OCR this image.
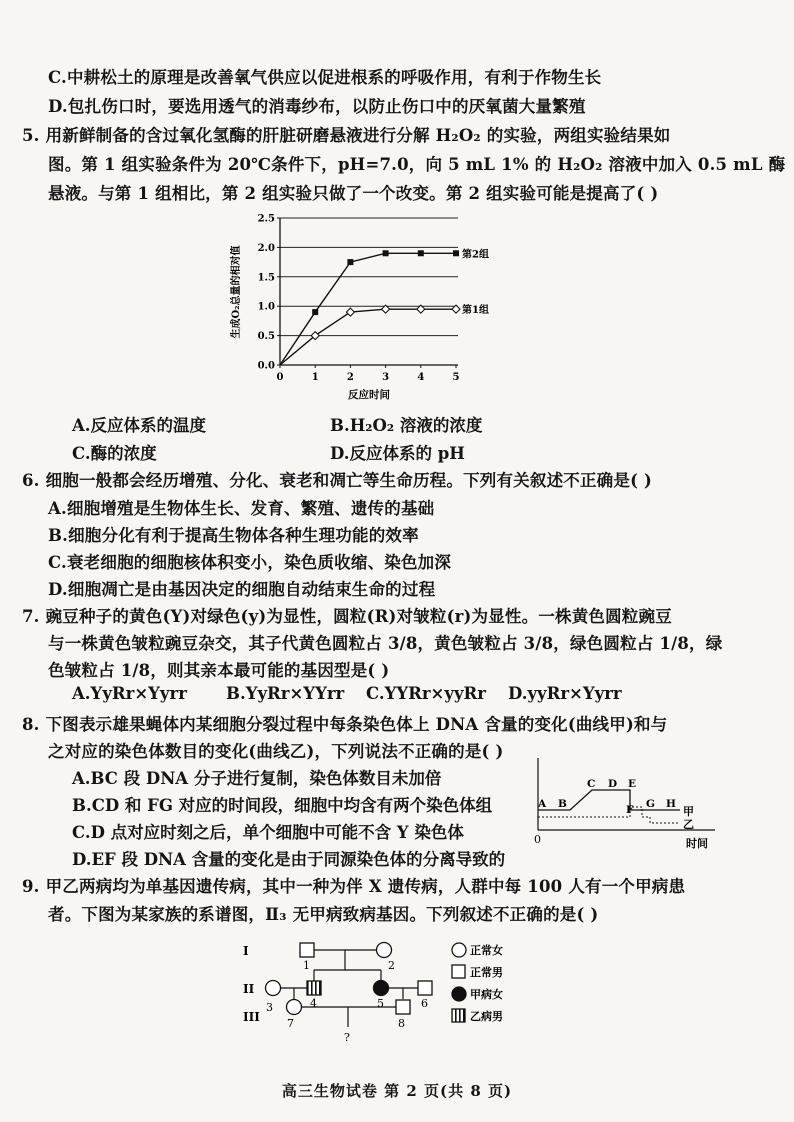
C.中耕松土的原理是改善氧气供应以促进根系的呼吸作用，有利于作物生长
D.包扎伤口时，要选用透气的消毒纱布，以防止伤口中的厌氧菌大量繁殖
5. 用新鲜制备的含过氧化氢酶的肝脏研磨悬液进行分解 H₂O₂ 的实验，两组实验结果如
图。第 1 组实验条件为 20℃条件下，pH=7.0，向 5 mL 1% 的 H₂O₂ 溶液中加入 0.5 mL 酶
悬液。与第 1 组相比，第 2 组实验只做了一个改变。第 2 组实验可能是提高了( )
0.0
0.5
1.0
1.5
2.0
2.5
0	1	2	3	4	5
第2组
第1组
生成O₂总量的相对值
反应时间
A.反应体系的温度	B.H₂O₂ 溶液的浓度
C.酶的浓度	D.反应体系的 pH
6. 细胞一般都会经历增殖、分化、衰老和凋亡等生命历程。下列有关叙述不正确是( )
A.细胞增殖是生物体生长、发育、繁殖、遗传的基础
B.细胞分化有利于提高生物体各种生理功能的效率
C.衰老细胞的细胞核体积变小，染色质收缩、染色加深
D.细胞凋亡是由基因决定的细胞自动结束生命的过程
7. 豌豆种子的黄色(Y)对绿色(y)为显性，圆粒(R)对皱粒(r)为显性。一株黄色圆粒豌豆
与一株黄色皱粒豌豆杂交，其子代黄色圆粒占 3/8，黄色皱粒占 3/8，绿色圆粒占 1/8，绿
色皱粒占 1/8，则其亲本最可能的基因型是( )
A.YyRr×Yyrr B.YyRr×YYrr C.YYRr×yyRr D.yyRr×Yyrr
8. 下图表示雄果蝇体内某细胞分裂过程中每条染色体上 DNA 含量的变化(曲线甲)和与
之对应的染色体数目的变化(曲线乙)，下列说法不正确的是( )
A.BC 段 DNA 分子进行复制，染色体数目未加倍
B.CD 和 FG 对应的时间段，细胞中均含有两个染色体组
C.D 点对应时刻之后，单个细胞中可能不含 Y 染色体
D.EF 段 DNA 含量的变化是由于同源染色体的分离导致的
0	时间
A B
C D E
F G H
甲
乙
9. 甲乙两病均为单基因遗传病，其中一种为伴 X 遗传病，人群中每 100 人有一个甲病患
者。下图为某家族的系谱图，Ⅱ₃ 无甲病致病基因。下列叙述不正确的是( )
I
II
III
1	2
3	4	5	6
7	8
?
正常女
正常男
甲病女
乙病男
高三生物试卷 第 2 页(共 8 页)
